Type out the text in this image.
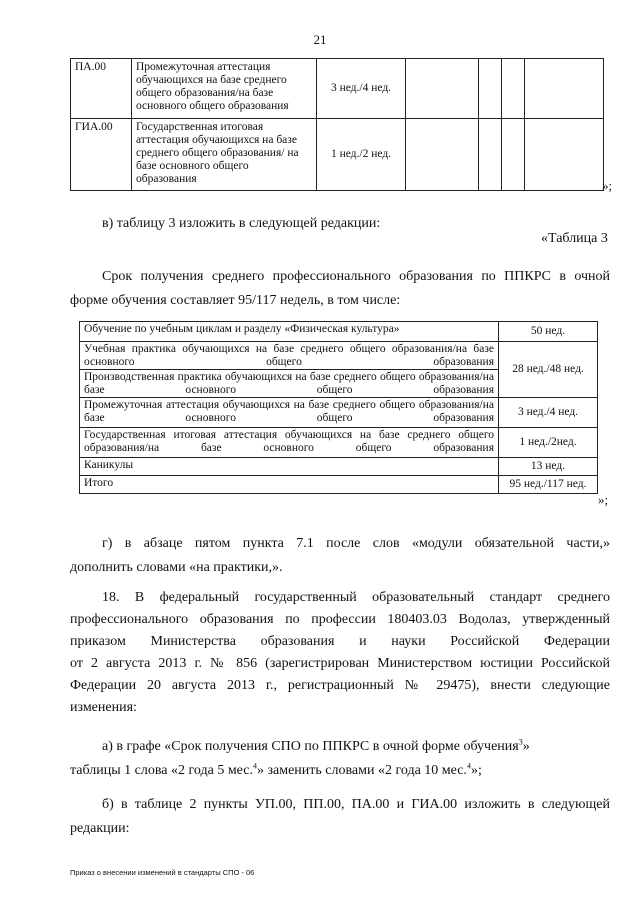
21
ПА.00	Промежуточная аттестация обучающихся на базе среднего общего образования/на базе основного общего образования	3 нед./4 нед.				
ГИА.00	Государственная итоговая аттестация обучающихся на базе среднего общего образования/ на базе основного общего образования	1 нед./2 нед.				
»;
в) таблицу 3 изложить в следующей редакции:
«Таблица 3
Срок получения среднего профессионального образования по ППКРС в очной
форме обучения составляет 95/117 недель, в том числе:
Обучение по учебным циклам и разделу «Физическая культура»	50 нед.
Учебная практика обучающихся на базе среднего общего образования/на базе основного общего образования	28 нед./48 нед.
Производственная практика обучающихся на базе среднего общего образования/на базе основного общего образования	
Промежуточная аттестация обучающихся на базе среднего общего образования/на базе основного общего образования	3 нед./4 нед.
Государственная итоговая аттестация обучающихся на базе среднего общего образования/на базе основного общего образования	1 нед./2нед.
Каникулы	13 нед.
Итого	95 нед./117 нед.
»;
г) в абзаце пятом пункта 7.1 после слов «модули обязательной части,»
дополнить словами «на практики,».
18. В федеральный государственный образовательный стандарт среднего
профессионального образования по профессии 180403.03 Водолаз, утвержденный
приказом Министерства образования и науки Российской Федерации
от 2 августа 2013 г. № 856 (зарегистрирован Министерством юстиции Российской
Федерации 20 августа 2013 г., регистрационный № 29475), внести следующие
изменения:
а) в графе «Срок получения СПО по ППКРС в очной форме обучения$^3$»
таблицы 1 слова «2 года 5 мес.$^4$» заменить словами «2 года 10 мес.$^4$»;
Приказ о внесении изменений в стандарты СПО - 06
б) в таблице 2 пункты УП.00, ПП.00, ПА.00 и ГИА.00 изложить в следующей
редакции:
